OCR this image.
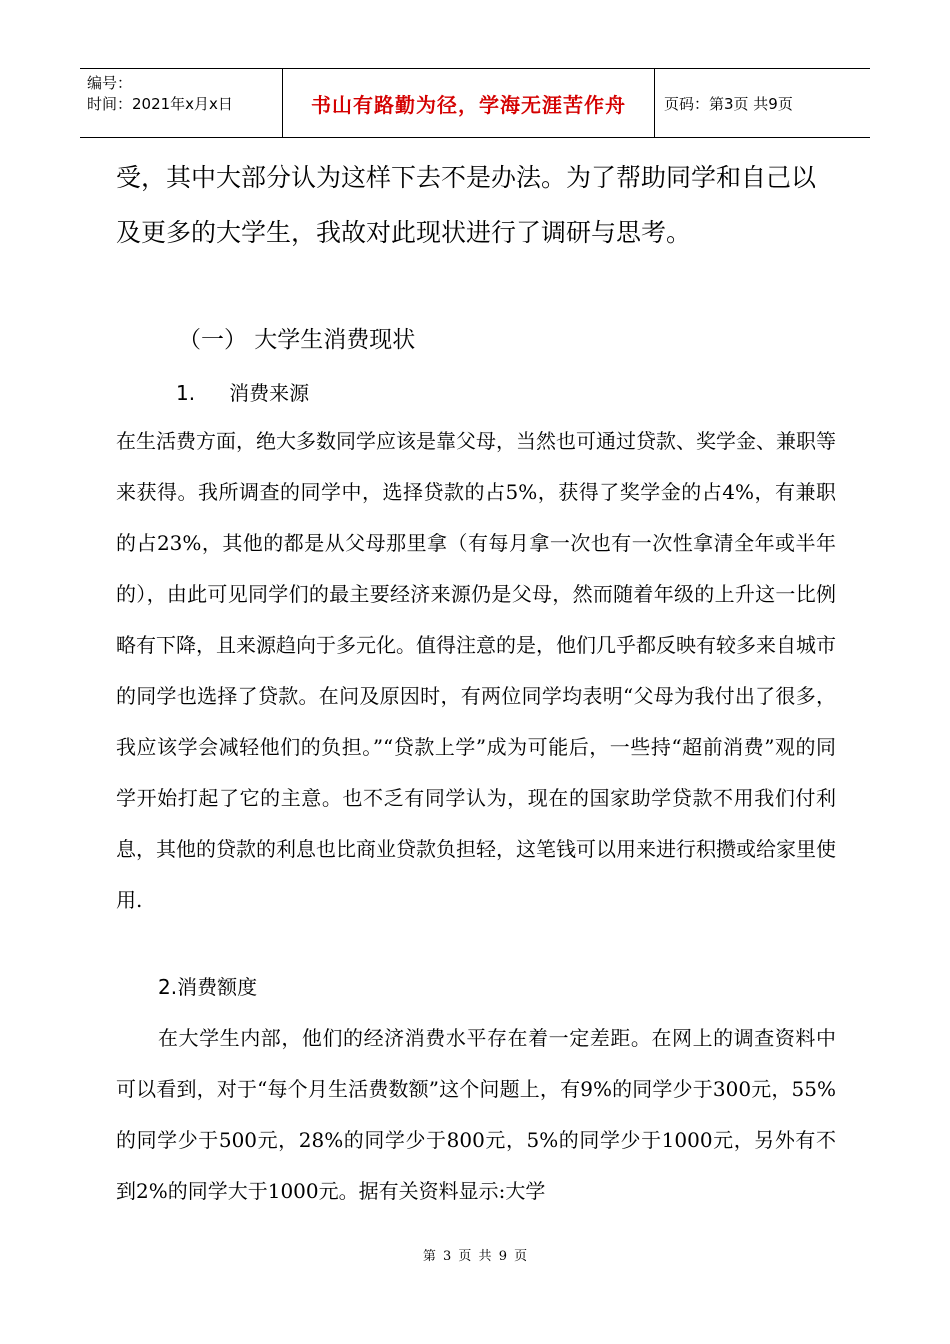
编号：
时间：2021年x月x日	书山有路勤为径，学海无涯苦作舟	页码：第3页 共9页
受，其中大部分认为这样下去不是办法。为了帮助同学和自己以及更多的大学生，我故对此现状进行了调研与思考。
（一） 大学生消费现状
1. 消费来源
在生活费方面，绝大多数同学应该是靠父母，当然也可通过贷款、奖学金、兼职等来获得。我所调查的同学中，选择贷款的占5%，获得了奖学金的占4%，有兼职的占23%，其他的都是从父母那里拿（有每月拿一次也有一次性拿清全年或半年的），由此可见同学们的最主要经济来源仍是父母，然而随着年级的上升这一比例略有下降，且来源趋向于多元化。值得注意的是，他们几乎都反映有较多来自城市的同学也选择了贷款。在问及原因时，有两位同学均表明“父母为我付出了很多，我应该学会减轻他们的负担。”“贷款上学”成为可能后，一些持“超前消费”观的同学开始打起了它的主意。也不乏有同学认为，现在的国家助学贷款不用我们付利息，其他的贷款的利息也比商业贷款负担轻，这笔钱可以用来进行积攒或给家里使用.
2.消费额度
在大学生内部，他们的经济消费水平存在着一定差距。在网上的调查资料中可以看到，对于“每个月生活费数额”这个问题上，有9%的同学少于300元，55%的同学少于500元，28%的同学少于800元，5%的同学少于1000元，另外有不到2%的同学大于1000元。据有关资料显示:大学
第 3 页 共 9 页
